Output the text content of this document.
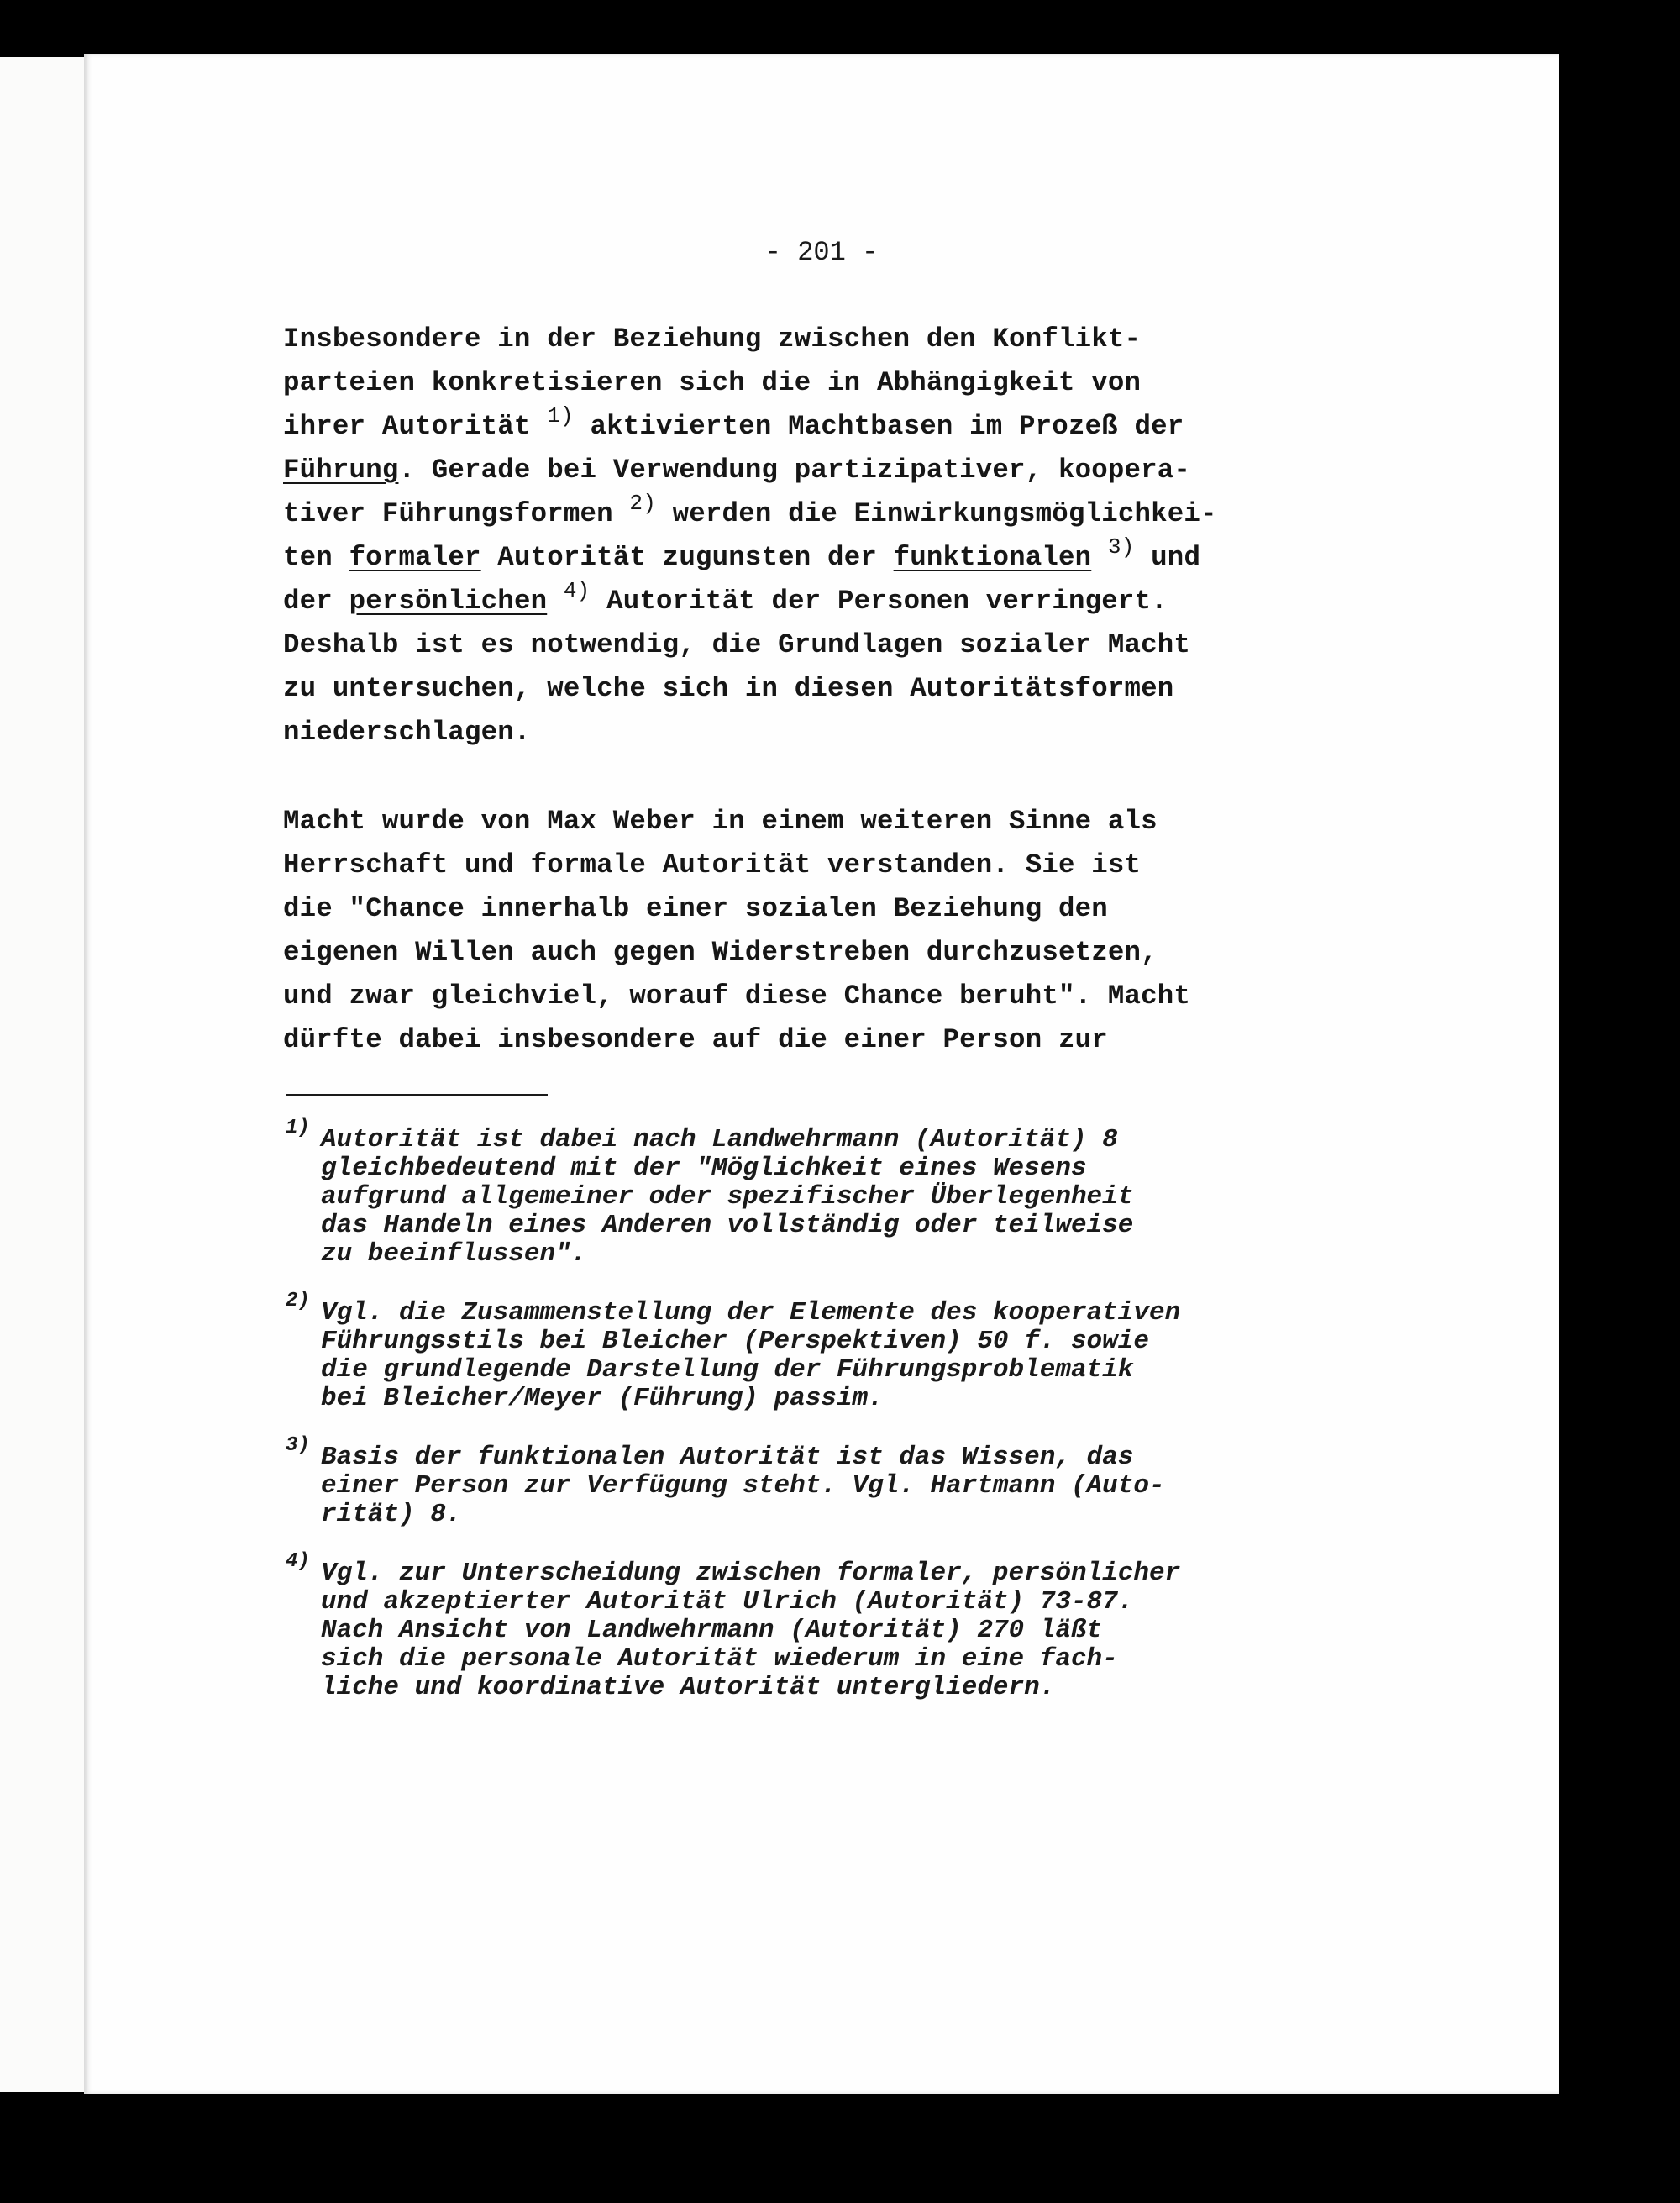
- 201 -

Insbesondere in der Beziehung zwischen den Konflikt-
parteien konkretisieren sich die in Abhängigkeit von
ihrer Autorität $^{1)}$ aktivierten Machtbasen im Prozeß der
Führung. Gerade bei Verwendung partizipativer, koopera-
tiver Führungsformen $^{2)}$ werden die Einwirkungsmöglichkei-
ten formaler Autorität zugunsten der funktionalen $^{3)}$ und
der persönlichen $^{4)}$ Autorität der Personen verringert.
Deshalb ist es notwendig, die Grundlagen sozialer Macht
zu untersuchen, welche sich in diesen Autoritätsformen
niederschlagen.

Macht wurde von Max Weber in einem weiteren Sinne als
Herrschaft und formale Autorität verstanden. Sie ist
die "Chance innerhalb einer sozialen Beziehung den
eigenen Willen auch gegen Widerstreben durchzusetzen,
und zwar gleichviel, worauf diese Chance beruht". Macht
dürfte dabei insbesondere auf die einer Person zur

1) Autorität ist dabei nach Landwehrmann (Autorität) 8
gleichbedeutend mit der "Möglichkeit eines Wesens
aufgrund allgemeiner oder spezifischer Überlegenheit
das Handeln eines Anderen vollständig oder teilweise
zu beeinflussen".
2) Vgl. die Zusammenstellung der Elemente des kooperativen
Führungsstils bei Bleicher (Perspektiven) 50 f. sowie
die grundlegende Darstellung der Führungsproblematik
bei Bleicher/Meyer (Führung) passim.
3) Basis der funktionalen Autorität ist das Wissen, das
einer Person zur Verfügung steht. Vgl. Hartmann (Auto-
rität) 8.
4) Vgl. zur Unterscheidung zwischen formaler, persönlicher
und akzeptierter Autorität Ulrich (Autorität) 73-87.
Nach Ansicht von Landwehrmann (Autorität) 270 läßt
sich die personale Autorität wiederum in eine fach-
liche und koordinative Autorität untergliedern.
